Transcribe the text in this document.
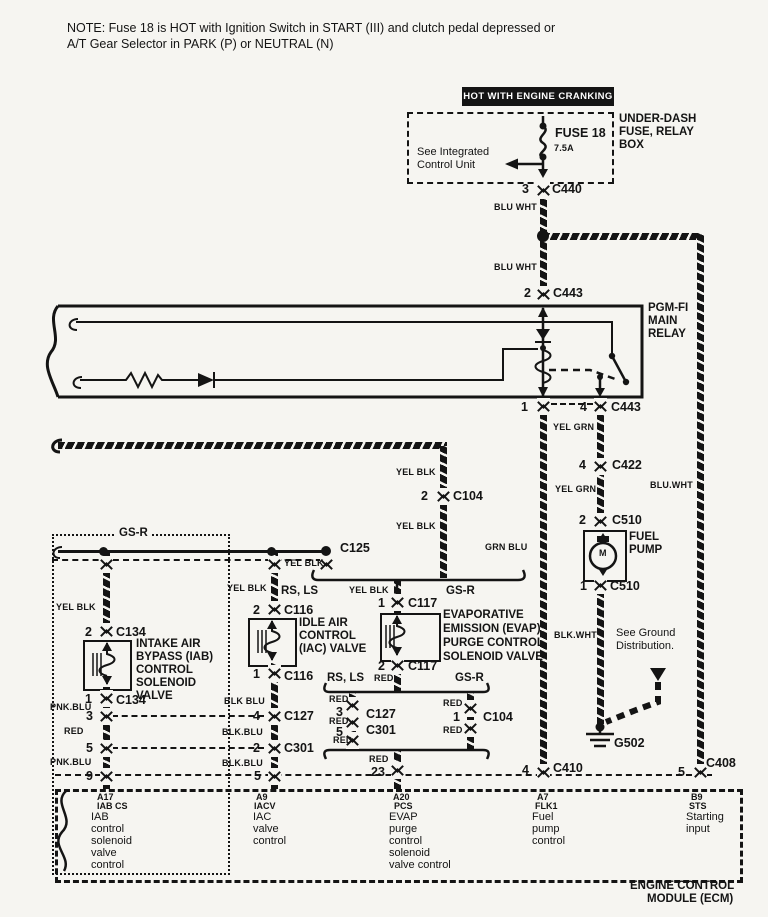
NOTE: Fuse 18 is HOT with Ignition Switch in START (III) and clutch pedal depressed or
A/T Gear Selector in PARK (P) or NEUTRAL (N)
HOT WITH ENGINE CRANKING
FUSE 18
7.5A
See Integrated
Control Unit
UNDER-DASH
FUSE, RELAY
BOX
3 C440
BLU WHT
BLU WHT
BLU.WHT
2 C443
PGM-FI
MAIN
RELAY
1	4 C443
YEL GRN
4 C422
YEL GRN
2 C510
FUEL
PUMP
M
1 C510
BLK.WHT See Ground
Distribution.
G502
GRN BLU
YEL BLK
2 C104
YEL BLK
GS-R
C125
YEL BLK
RS, LS	YEL BLK	GS-R
1 C117
EVAPORATIVE
EMISSION (EVAP)
PURGE CONTROL
SOLENOID VALVE
2 C117
RED
RS, LS	GS-R
RED
3 C127
RED
5 C301
RED
RED
1 C104
RED
RED
23
YEL BLK
2 C134
INTAKE AIR
BYPASS (IAB)
CONTROL
SOLENOID
VALVE
1 C134
PNK.BLU
3
RED
5
PNK.BLU
9
YEL BLK
2 C116
IDLE AIR
CONTROL
(IAC) VALVE
1 C116
BLK BLU
4 C127
BLK.BLU
2 C301
BLK.BLU
5	4 C410	5
C408
A17
IAB CS
IAB
control
solenoid
valve
control
A9
IACV
IAC
valve
control
A20
PCS
EVAP
purge
control
solenoid
valve control
A7
FLK1
Fuel
pump
control
B9
STS
Starting
input
ENGINE CONTROL
MODULE (ECM)
